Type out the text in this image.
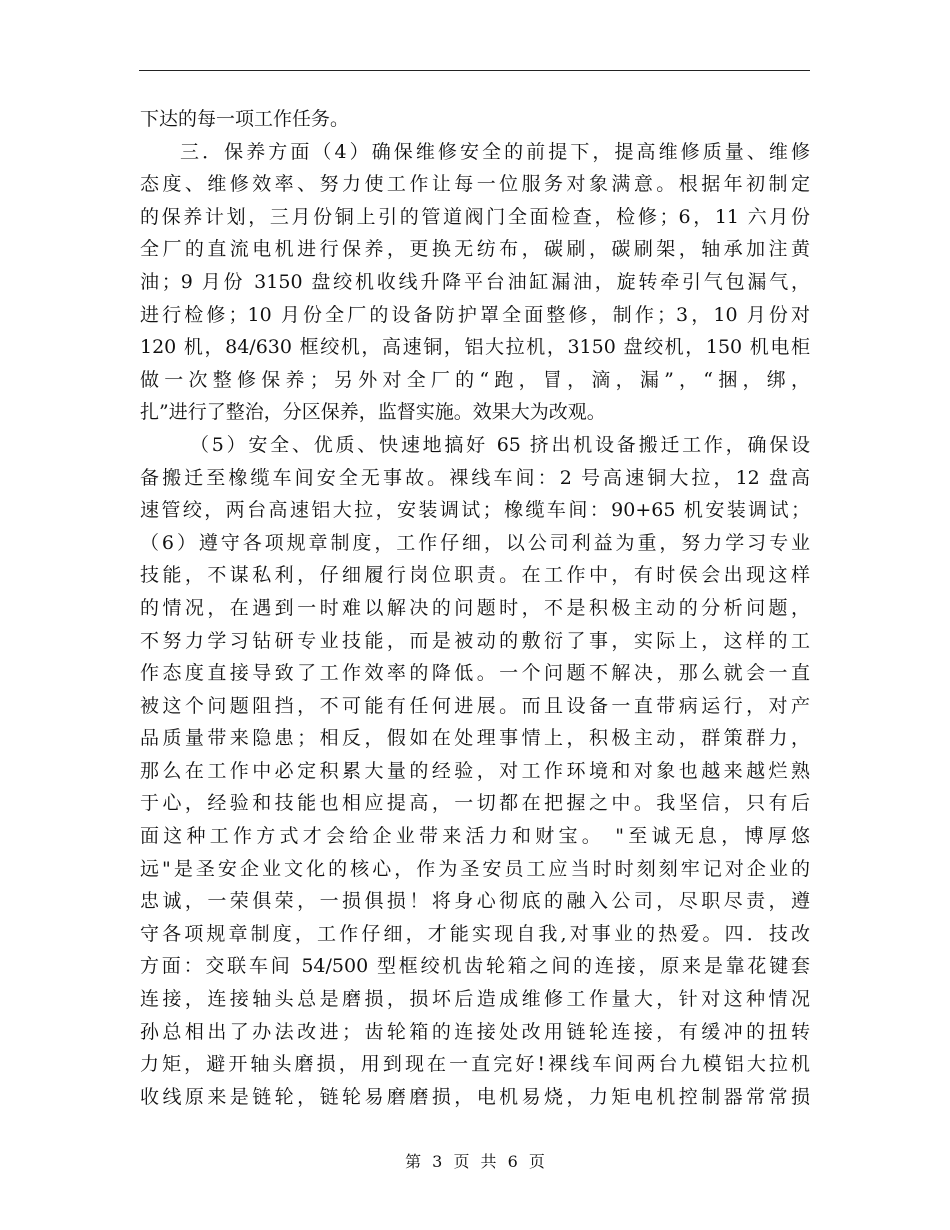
下达的每一项工作任务。
三．保养方面（4）确保维修安全的前提下，提高维修质量、维修
态度、维修效率、努力使工作让每一位服务对象满意。根据年初制定
的保养计划，三月份铜上引的管道阀门全面检查，检修；6，11 六月份
全厂的直流电机进行保养，更换无纺布，碳刷，碳刷架，轴承加注黄
油；9 月份 3150 盘绞机收线升降平台油缸漏油，旋转牵引气包漏气，
进行检修；10 月份全厂的设备防护罩全面整修，制作；3，10 月份对
120 机，84/630 框绞机，高速铜，铝大拉机，3150 盘绞机，150 机电柜
做一次整修保养；另外对全厂的“跑，冒，滴，漏”，“捆，绑，
扎”进行了整治，分区保养，监督实施。效果大为改观。
（5）安全、优质、快速地搞好 65 挤出机设备搬迁工作，确保设
备搬迁至橡缆车间安全无事故。裸线车间：2 号高速铜大拉，12 盘高
速管绞，两台高速铝大拉，安装调试；橡缆车间：90+65 机安装调试；
（6）遵守各项规章制度，工作仔细，以公司利益为重，努力学习专业
技能，不谋私利，仔细履行岗位职责。在工作中，有时侯会出现这样
的情况，在遇到一时难以解决的问题时，不是积极主动的分析问题，
不努力学习钻研专业技能，而是被动的敷衍了事，实际上，这样的工
作态度直接导致了工作效率的降低。一个问题不解决，那么就会一直
被这个问题阻挡，不可能有任何进展。而且设备一直带病运行，对产
品质量带来隐患；相反，假如在处理事情上，积极主动，群策群力，
那么在工作中必定积累大量的经验，对工作环境和对象也越来越烂熟
于心，经验和技能也相应提高，一切都在把握之中。我坚信，只有后
面这种工作方式才会给企业带来活力和财宝。 "至诚无息，博厚悠
远"是圣安企业文化的核心，作为圣安员工应当时时刻刻牢记对企业的
忠诚，一荣俱荣，一损俱损！将身心彻底的融入公司，尽职尽责，遵
守各项规章制度，工作仔细，才能实现自我,对事业的热爱。四．技改
方面：交联车间 54/500 型框绞机齿轮箱之间的连接，原来是靠花键套
连接，连接轴头总是磨损，损坏后造成维修工作量大，针对这种情况
孙总相出了办法改进；齿轮箱的连接处改用链轮连接，有缓冲的扭转
力矩，避开轴头磨损，用到现在一直完好!裸线车间两台九模铝大拉机
收线原来是链轮，链轮易磨磨损，电机易烧，力矩电机控制器常常损
第 3 页 共 6 页
